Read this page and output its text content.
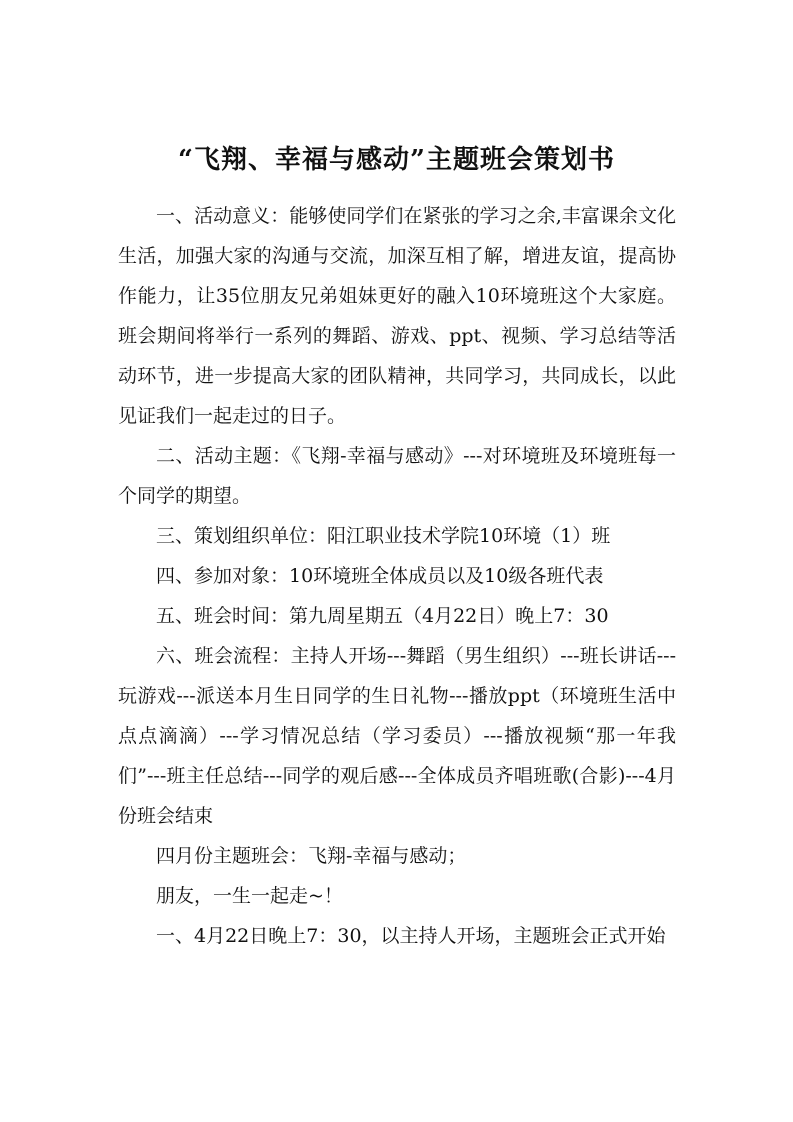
“飞翔、幸福与感动”主题班会策划书

一、活动意义：能够使同学们在紧张的学习之余,丰富课余文化生活，加强大家的沟通与交流，加深互相了解，增进友谊，提高协作能力，让35位朋友兄弟姐妹更好的融入10环境班这个大家庭。班会期间将举行一系列的舞蹈、游戏、ppt、视频、学习总结等活动环节，进一步提高大家的团队精神，共同学习，共同成长，以此见证我们一起走过的日子。

二、活动主题：《飞翔-幸福与感动》---对环境班及环境班每一个同学的期望。

三、策划组织单位：阳江职业技术学院10环境（1）班

四、参加对象：10环境班全体成员以及10级各班代表

五、班会时间：第九周星期五（4月22日）晚上7：30

六、班会流程：主持人开场---舞蹈（男生组织）---班长讲话---玩游戏---派送本月生日同学的生日礼物---播放ppt（环境班生活中点点滴滴）---学习情况总结（学习委员）---播放视频“那一年我们”---班主任总结---同学的观后感---全体成员齐唱班歌(合影)---4月份班会结束

四月份主题班会：飞翔-幸福与感动；

朋友，一生一起走~！

一、4月22日晚上7：30，以主持人开场，主题班会正式开始
